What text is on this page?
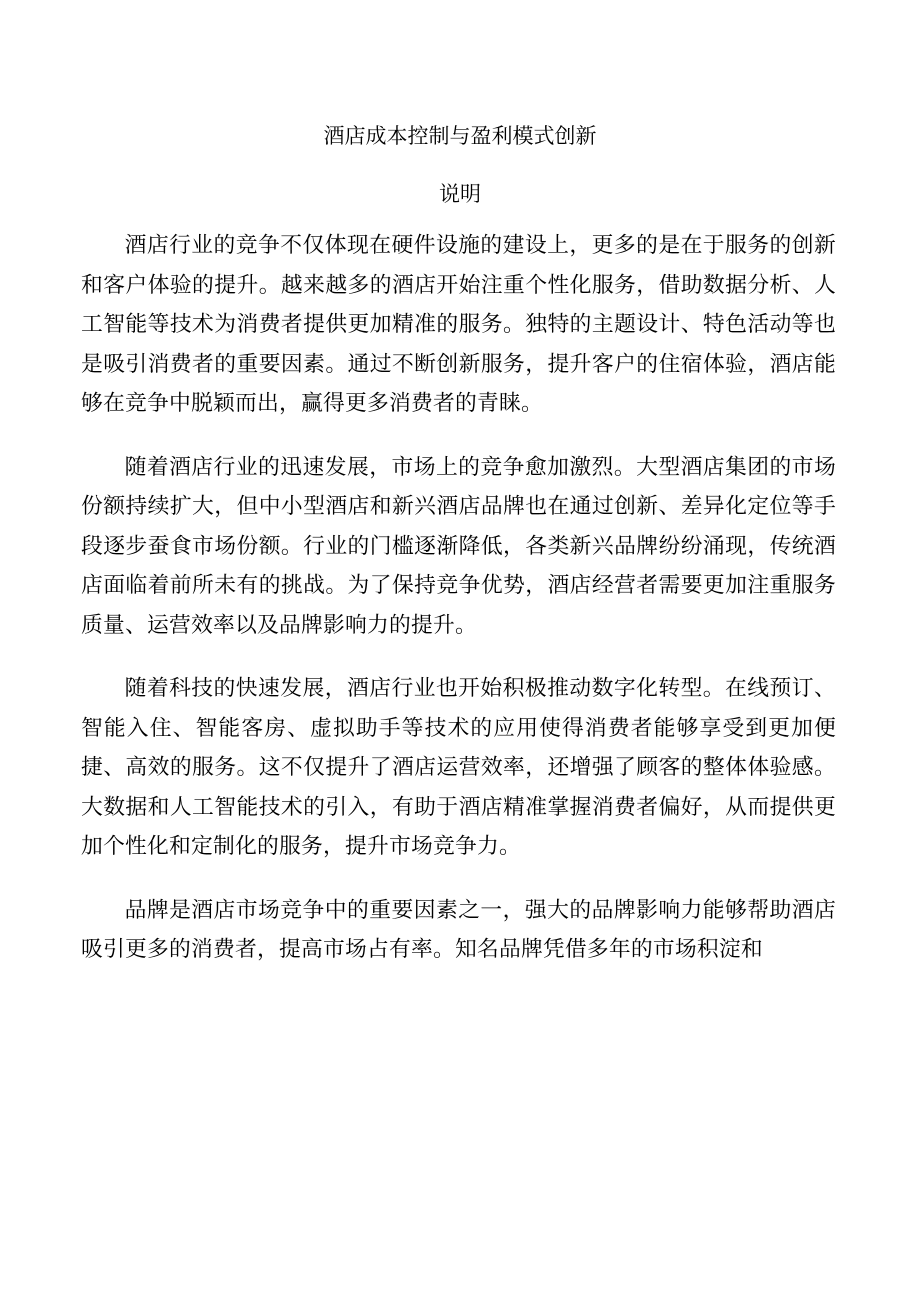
酒店成本控制与盈利模式创新
说明

酒店行业的竞争不仅体现在硬件设施的建设上，更多的是在于服务的创新和客户体验的提升。越来越多的酒店开始注重个性化服务，借助数据分析、人工智能等技术为消费者提供更加精准的服务。独特的主题设计、特色活动等也是吸引消费者的重要因素。通过不断创新服务，提升客户的住宿体验，酒店能够在竞争中脱颖而出，赢得更多消费者的青睐。

随着酒店行业的迅速发展，市场上的竞争愈加激烈。大型酒店集团的市场份额持续扩大，但中小型酒店和新兴酒店品牌也在通过创新、差异化定位等手段逐步蚕食市场份额。行业的门槛逐渐降低，各类新兴品牌纷纷涌现，传统酒店面临着前所未有的挑战。为了保持竞争优势，酒店经营者需要更加注重服务质量、运营效率以及品牌影响力的提升。

随着科技的快速发展，酒店行业也开始积极推动数字化转型。在线预订、智能入住、智能客房、虚拟助手等技术的应用使得消费者能够享受到更加便捷、高效的服务。这不仅提升了酒店运营效率，还增强了顾客的整体体验感。大数据和人工智能技术的引入，有助于酒店精准掌握消费者偏好，从而提供更加个性化和定制化的服务，提升市场竞争力。

品牌是酒店市场竞争中的重要因素之一，强大的品牌影响力能够帮助酒店吸引更多的消费者，提高市场占有率。知名品牌凭借多年的市场积淀和
